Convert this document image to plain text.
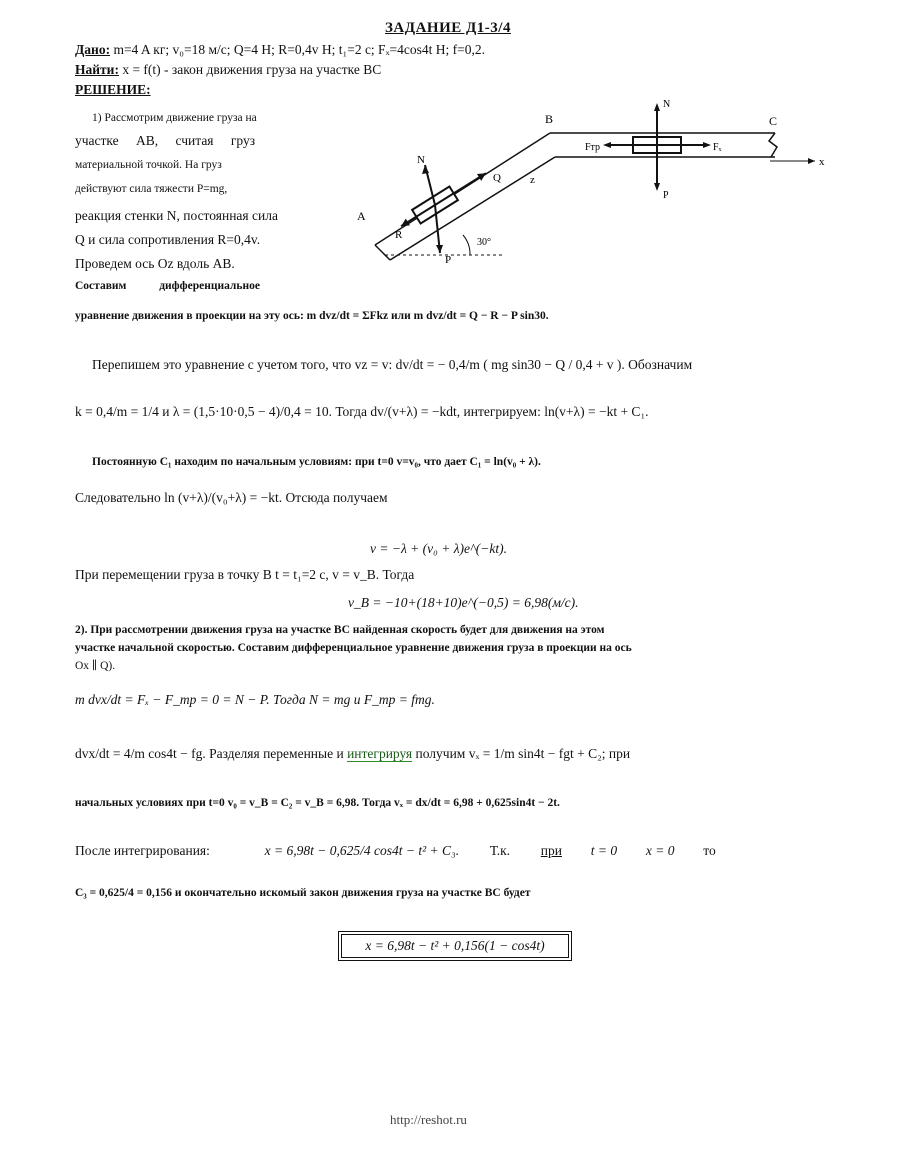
ЗАДАНИЕ Д1-3/4
Дано: m=4 A кг; v₀=18 м/с; Q=4 Н; R=0,4v Н; t₁=2 с; Fₓ=4cos4t Н; f=0,2.
Найти: x = f(t) - закон движения груза на участке BC
РЕШЕНИЕ:
1) Рассмотрим движение груза на
участке AB, считая груз
материальной точкой. На груз
действуют сила тяжести P=mg,
реакция стенки N, постоянная сила
Q и сила сопротивления R=0,4v.
Проведем ось Oz вдоль AB.
Составим дифференциальное
A
B	C
N
P
Q
R
x
z
30°
Fₓ
Fтр
N
P
уравнение движения в проекции на эту ось: m dvz/dt = ΣFkz или m dvz/dt = Q − R − P sin30.
Перепишем это уравнение с учетом того, что vz = v: dv/dt = − 0,4/m ( mg sin30 − Q / 0,4 + v ). Обозначим
k = 0,4/m = 1/4 и λ = (1,5·10·0,5 − 4)/0,4 = 10. Тогда dv/(v+λ) = −kdt, интегрируем: ln(v+λ) = −kt + C₁.
Постоянную C₁ находим по начальным условиям: при t=0 v=v₀, что дает C₁ = ln(v₀ + λ).
Следовательно ln (v+λ)/(v₀+λ) = −kt. Отсюда получаем
v = −λ + (v₀ + λ)e^(−kt).
При перемещении груза в точку B t = t₁=2 с, v = v_B. Тогда
v_B = −10+(18+10)e^(−0,5) = 6,98(м/с).
2). При рассмотрении движения груза на участке BC найденная скорость будет для движения на этом
участке начальной скоростью. Составим дифференциальное уравнение движения груза в проекции на ось
Ox ∥ Q).
m dvx/dt = Fₓ − F_тр = 0 = N − P. Тогда N = mg и F_тр = fmg.
dvx/dt = 4/m cos4t − fg. Разделяя переменные и интегрируя получим vₓ = 1/m sin4t − fgt + C₂; при
начальных условиях при t=0 v₀ = v_B = C₂ = v_B = 6,98. Тогда vₓ = dx/dt = 6,98 + 0,625sin4t − 2t.
После интегрирования:	x = 6,98t − 0,625/4 cos4t − t² + C₃. Т.к. при t = 0 x = 0 то
C₃ = 0,625/4 = 0,156 и окончательно искомый закон движения груза на участке BC будет
x = 6,98t − t² + 0,156(1 − cos4t)
http://reshot.ru
